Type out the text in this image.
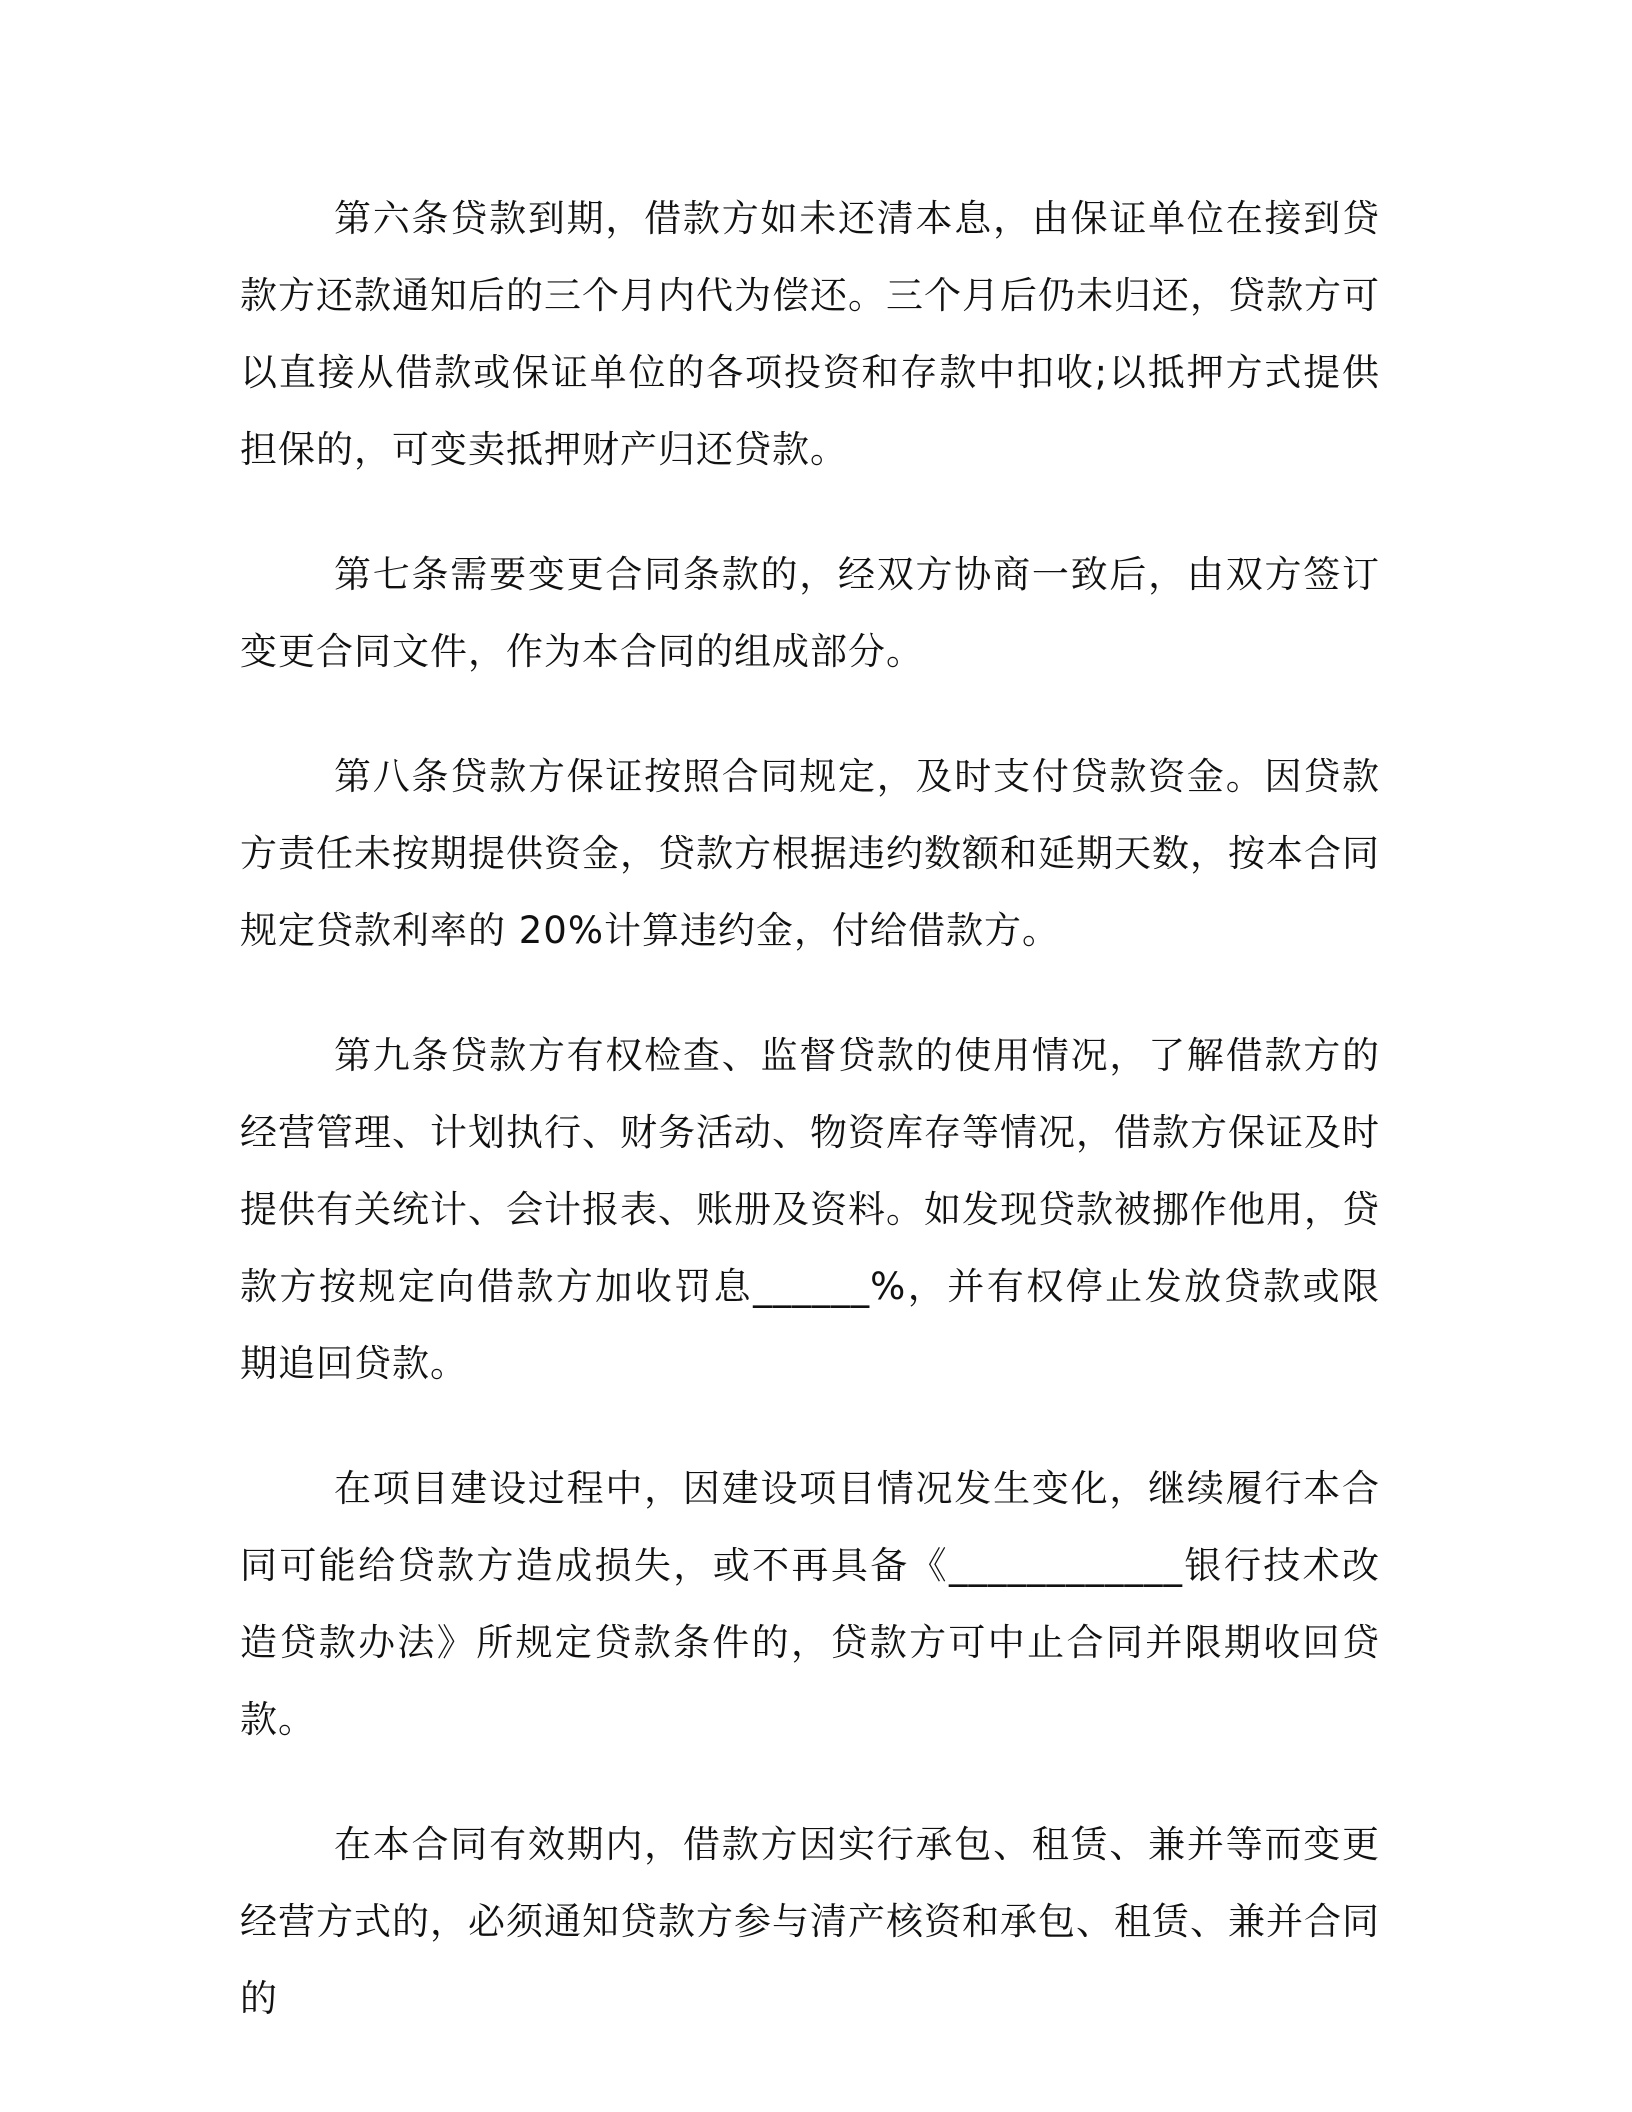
第六条贷款到期，借款方如未还清本息，由保证单位在接到贷款方还款通知后的三个月内代为偿还。三个月后仍未归还，贷款方可以直接从借款或保证单位的各项投资和存款中扣收;以抵押方式提供担保的，可变卖抵押财产归还贷款。

第七条需要变更合同条款的，经双方协商一致后，由双方签订变更合同文件，作为本合同的组成部分。

第八条贷款方保证按照合同规定，及时支付贷款资金。因贷款方责任未按期提供资金，贷款方根据违约数额和延期天数，按本合同规定贷款利率的 20%计算违约金，付给借款方。

第九条贷款方有权检查、监督贷款的使用情况，了解借款方的经营管理、计划执行、财务活动、物资库存等情况，借款方保证及时提供有关统计、会计报表、账册及资料。如发现贷款被挪作他用，贷款方按规定向借款方加收罚息______%，并有权停止发放贷款或限期追回贷款。

在项目建设过程中，因建设项目情况发生变化，继续履行本合同可能给贷款方造成损失，或不再具备《____________银行技术改造贷款办法》所规定贷款条件的，贷款方可中止合同并限期收回贷款。

在本合同有效期内，借款方因实行承包、租赁、兼并等而变更经营方式的，必须通知贷款方参与清产核资和承包、租赁、兼并合同的
